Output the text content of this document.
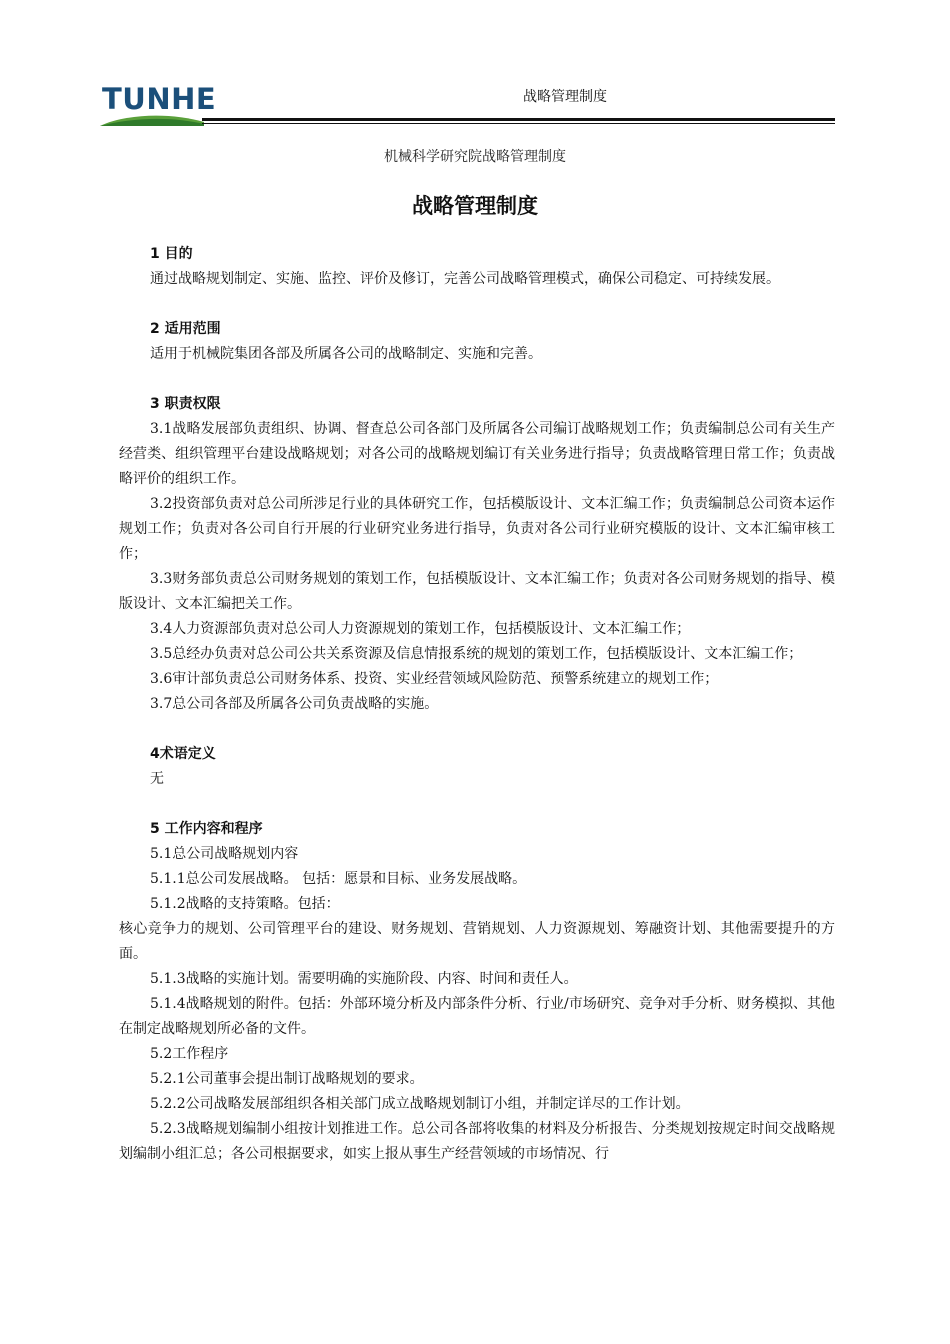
TUNHE	战略管理制度
机械科学研究院战略管理制度
战略管理制度
1 目的

通过战略规划制定、实施、监控、评价及修订，完善公司战略管理模式，确保公司稳定、可持续发展。

2 适用范围

适用于机械院集团各部及所属各公司的战略制定、实施和完善。

3 职责权限

3.1战略发展部负责组织、协调、督查总公司各部门及所属各公司编订战略规划工作；负责编制总公司有关生产经营类、组织管理平台建设战略规划；对各公司的战略规划编订有关业务进行指导；负责战略管理日常工作；负责战略评价的组织工作。

3.2投资部负责对总公司所涉足行业的具体研究工作，包括模版设计、文本汇编工作；负责编制总公司资本运作规划工作；负责对各公司自行开展的行业研究业务进行指导，负责对各公司行业研究模版的设计、文本汇编审核工作；

3.3财务部负责总公司财务规划的策划工作，包括模版设计、文本汇编工作；负责对各公司财务规划的指导、模版设计、文本汇编把关工作。

3.4人力资源部负责对总公司人力资源规划的策划工作，包括模版设计、文本汇编工作；

3.5总经办负责对总公司公共关系资源及信息情报系统的规划的策划工作，包括模版设计、文本汇编工作；

3.6审计部负责总公司财务体系、投资、实业经营领域风险防范、预警系统建立的规划工作；

3.7总公司各部及所属各公司负责战略的实施。

4术语定义

无

5 工作内容和程序

5.1总公司战略规划内容

5.1.1总公司发展战略。 包括：愿景和目标、业务发展战略。

5.1.2战略的支持策略。包括：

核心竞争力的规划、公司管理平台的建设、财务规划、营销规划、人力资源规划、筹融资计划、其他需要提升的方面。

5.1.3战略的实施计划。需要明确的实施阶段、内容、时间和责任人。

5.1.4战略规划的附件。包括：外部环境分析及内部条件分析、行业/市场研究、竞争对手分析、财务模拟、其他在制定战略规划所必备的文件。

5.2工作程序

5.2.1公司董事会提出制订战略规划的要求。

5.2.2公司战略发展部组织各相关部门成立战略规划制订小组，并制定详尽的工作计划。

5.2.3战略规划编制小组按计划推进工作。总公司各部将收集的材料及分析报告、分类规划按规定时间交战略规划编制小组汇总；各公司根据要求，如实上报从事生产经营领域的市场情况、行
